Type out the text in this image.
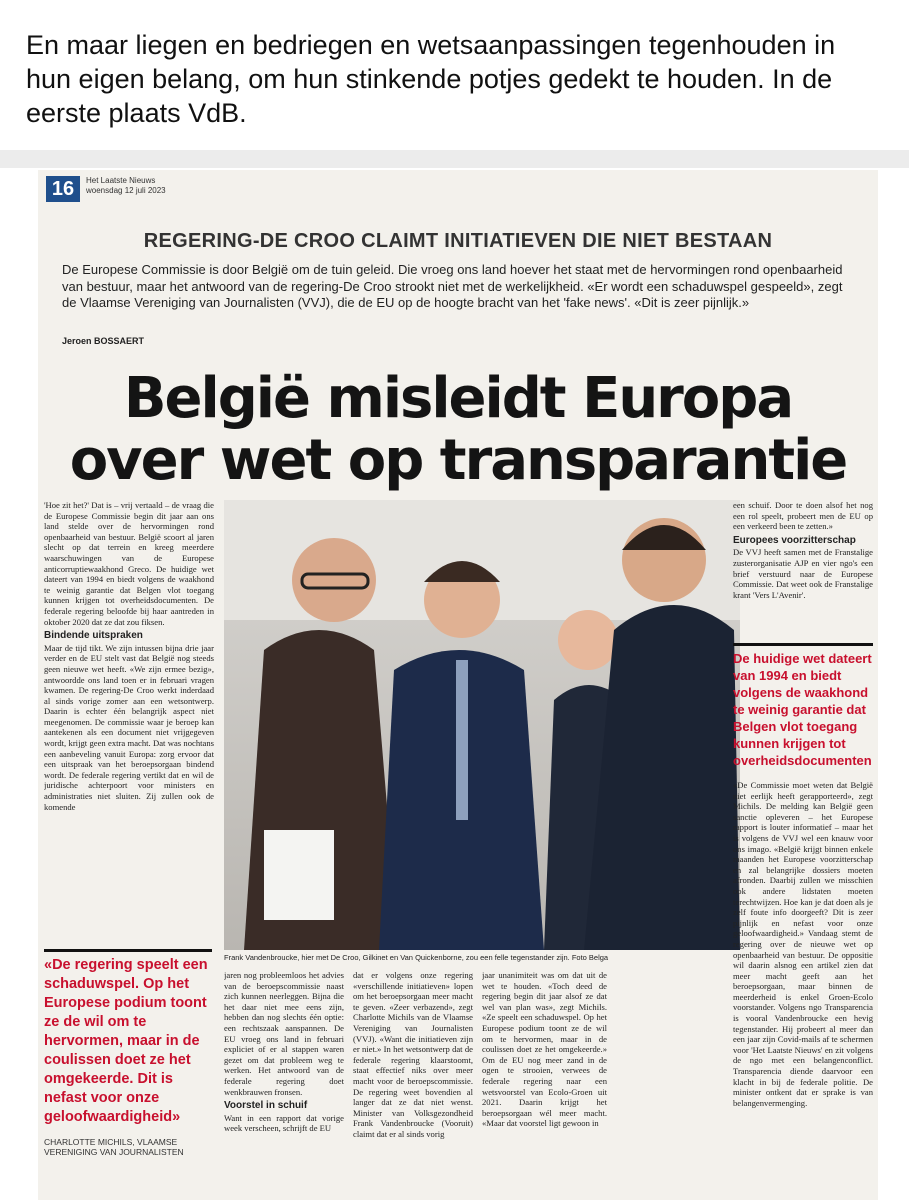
En maar liegen en bedriegen en wetsaanpassingen tegenhouden in hun eigen belang, om hun stinkende potjes gedekt te houden. In de eerste plaats VdB.
16	Het Laatste Nieuws
woensdag 12 juli 2023
REGERING-DE CROO CLAIMT INITIATIEVEN DIE NIET BESTAAN
De Europese Commissie is door België om de tuin geleid. Die vroeg ons land hoever het staat met de hervormingen rond openbaarheid van bestuur, maar het antwoord van de regering-De Croo strookt niet met de werkelijkheid. «Er wordt een schaduwspel gespeeld», zegt de Vlaamse Vereniging van Journalisten (VVJ), die de EU op de hoogte bracht van het 'fake news'. «Dit is zeer pijnlijk.»
Jeroen BOSSAERT
België misleidt Europa
over wet op transparantie
'Hoe zit het?' Dat is – vrij vertaald – de vraag die de Europese Commissie begin dit jaar aan ons land stelde over de hervormingen rond openbaarheid van bestuur. België scoort al jaren slecht op dat terrein en kreeg meerdere waarschuwingen van de Europese anticorruptiewaakhond Greco. De huidige wet dateert van 1994 en biedt volgens de waakhond te weinig garantie dat Belgen vlot toegang kunnen krijgen tot overheidsdocumenten. De federale regering beloofde bij haar aantreden in oktober 2020 dat ze dat zou fiksen.
Bindende uitspraken
Maar de tijd tikt. We zijn intussen bijna drie jaar verder en de EU stelt vast dat België nog steeds geen nieuwe wet heeft. «We zijn ermee bezig», antwoordde ons land toen er in februari vragen kwamen. De regering-De Croo werkt inderdaad al sinds vorige zomer aan een wetsontwerp. Daarin is echter één belangrijk aspect niet meegenomen. De commissie waar je beroep kan aantekenen als een document niet vrijgegeven wordt, krijgt geen extra macht. Dat was nochtans een aanbeveling vanuit Europa: zorg ervoor dat een uitspraak van het beroepsorgaan bindend wordt. De federale regering vertikt dat en wil de juridische achterpoort voor ministers en administraties niet sluiten. Zij zullen ook de komende
Frank Vandenbroucke, hier met De Croo, Gilkinet en Van Quickenborne, zou een felle tegenstander zijn. Foto Belga
«De regering speelt een schaduwspel. Op het Europese podium toont ze de wil om te hervormen, maar in de coulissen doet ze het omgekeerde. Dit is nefast voor onze geloofwaardigheid»
CHARLOTTE MICHILS, VLAAMSE VERENIGING VAN JOURNALISTEN
jaren nog probleemloos het advies van de beroepscommissie naast zich kunnen neerleggen. Bijna die het daar niet mee eens zijn, hebben dan nog slechts één optie: een rechtszaak aanspannen. De EU vroeg ons land in februari expliciet of er al stappen waren gezet om dat probleem weg te werken. Het antwoord van de federale regering doet wenkbrauwen fronsen.
Voorstel in schuif
Want in een rapport dat vorige week verscheen, schrijft de EU
dat er volgens onze regering «verschillende initiatieven» lopen om het beroepsorgaan meer macht te geven. «Zeer verbazend», zegt Charlotte Michils van de Vlaamse Vereniging van Journalisten (VVJ). «Want die initiatieven zijn er niet.» In het wetsontwerp dat de federale regering klaarstoomt, staat effectief niks over meer macht voor de beroepscommissie. De regering weet bovendien al langer dat ze dat niet wenst. Minister van Volksgezondheid Frank Vandenbroucke (Vooruit) claimt dat er al sinds vorig
jaar unanimiteit was om dat uit de wet te houden. «Toch deed de regering begin dit jaar alsof ze dat wel van plan was», zegt Michils. «Ze speelt een schaduwspel. Op het Europese podium toont ze de wil om te hervormen, maar in de coulissen doet ze het omgekeerde.» Om de EU nog meer zand in de ogen te strooien, verwees de federale regering naar een wetsvoorstel van Ecolo-Groen uit 2021. Daarin krijgt het beroepsorgaan wél meer macht. «Maar dat voorstel ligt gewoon in
een schuif. Door te doen alsof het nog een rol speelt, probeert men de EU op een verkeerd been te zetten.»
Europees voorzitterschap
De VVJ heeft samen met de Franstalige zusterorganisatie AJP en vier ngo's een brief verstuurd naar de Europese Commissie. Dat weet ook de Franstalige krant 'Vers L'Avenir'.
De huidige wet dateert van 1994 en biedt volgens de waakhond te weinig garantie dat Belgen vlot toegang kunnen krijgen tot overheidsdocumenten
«De Commissie moet weten dat België niet eerlijk heeft gerapporteerd», zegt Michils. De melding kan België geen sanctie opleveren – het Europese rapport is louter informatief – maar het is volgens de VVJ wel een knauw voor ons imago. «België krijgt binnen enkele maanden het Europese voorzitterschap en zal belangrijke dossiers moeten afronden. Daarbij zullen we misschien ook andere lidstaten moeten terechtwijzen. Hoe kan je dat doen als je zelf foute info doorgeeft? Dit is zeer pijnlijk en nefast voor onze geloofwaardigheid.» Vandaag stemt de regering over de nieuwe wet op openbaarheid van bestuur. De oppositie wil daarin alsnog een artikel zien dat meer macht geeft aan het beroepsorgaan, maar binnen de meerderheid is enkel Groen-Ecolo voorstander. Volgens ngo Transparencia is vooral Vandenbroucke een hevig tegenstander. Hij probeert al meer dan een jaar zijn Covid-mails af te schermen voor 'Het Laatste Nieuws' en zit volgens de ngo met een belangenconflict. Transparencia diende daarvoor een klacht in bij de federale politie. De minister ontkent dat er sprake is van belangenvermenging.
